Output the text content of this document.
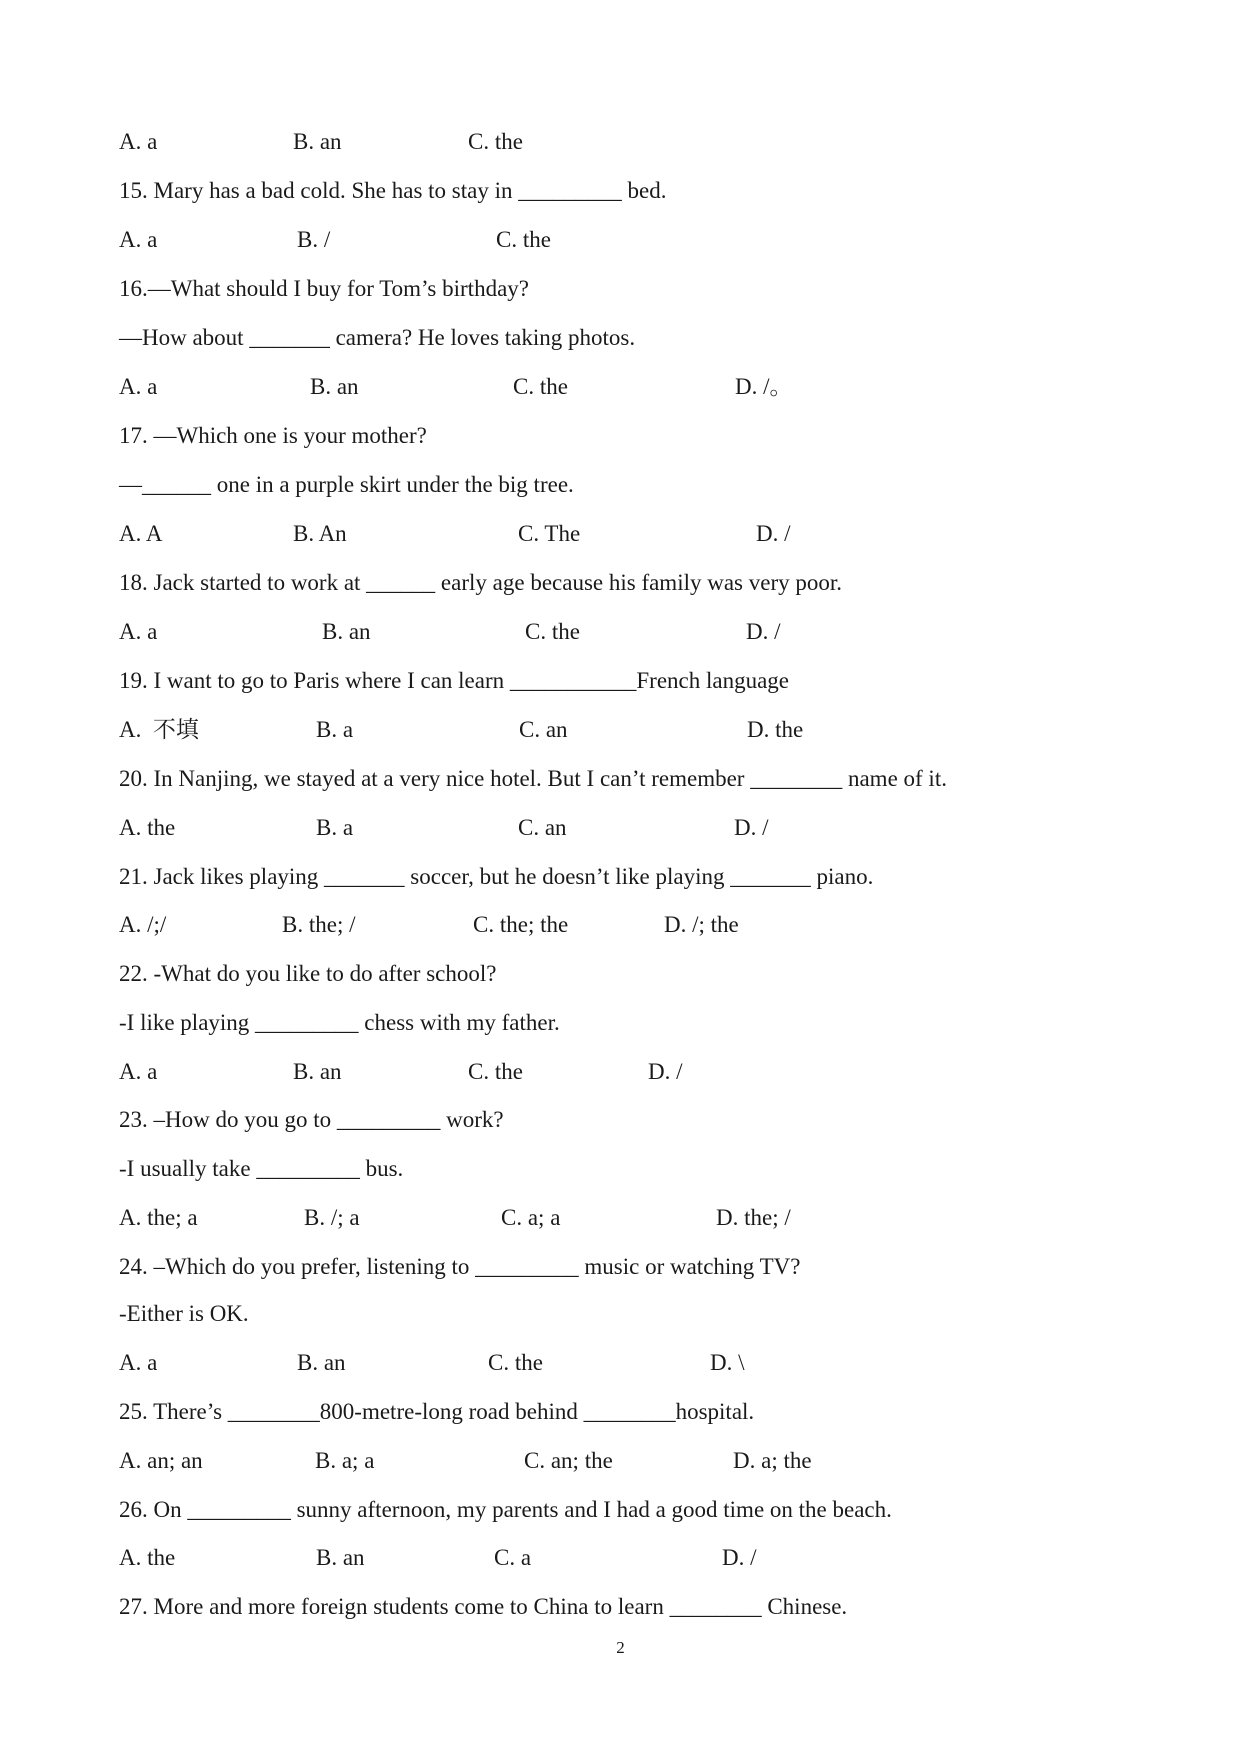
A. a	B. an	C. the
15. Mary has a bad cold. She has to stay in _________ bed.
A. a	B. /	C. the
16.—What should I buy for Tom’s birthday?
—How about _______ camera? He loves taking photos.
A. a	B. an	C. the	D. /。
17. —Which one is your mother?
—______ one in a purple skirt under the big tree.
A. A	B. An	C. The	D. /
18. Jack started to work at ______ early age because his family was very poor.
A. a	B. an	C. the	D. /
19. I want to go to Paris where I can learn ___________French language
A.  不填	B. a	C. an	D. the
20. In Nanjing, we stayed at a very nice hotel. But I can’t remember ________ name of it.
A. the	B. a	C. an	D. /
21. Jack likes playing _______ soccer, but he doesn’t like playing _______ piano.
A. /;/	B. the; /	C. the; the	D. /; the
22. -What do you like to do after school?
-I like playing _________ chess with my father.
A. a	B. an	C. the	D. /
23. –How do you go to _________ work?
-I usually take _________ bus.
A. the; a	B. /; a	C. a; a	D. the; /
24. –Which do you prefer, listening to _________ music or watching TV?
-Either is OK.
A. a	B. an	C. the	D. \
25. There’s ________800-metre-long road behind ________hospital.
A. an; an	B. a; a	C. an; the	D. a; the
26. On _________ sunny afternoon, my parents and I had a good time on the beach.
A. the	B. an	C. a	D. /
27. More and more foreign students come to China to learn ________ Chinese.
2
